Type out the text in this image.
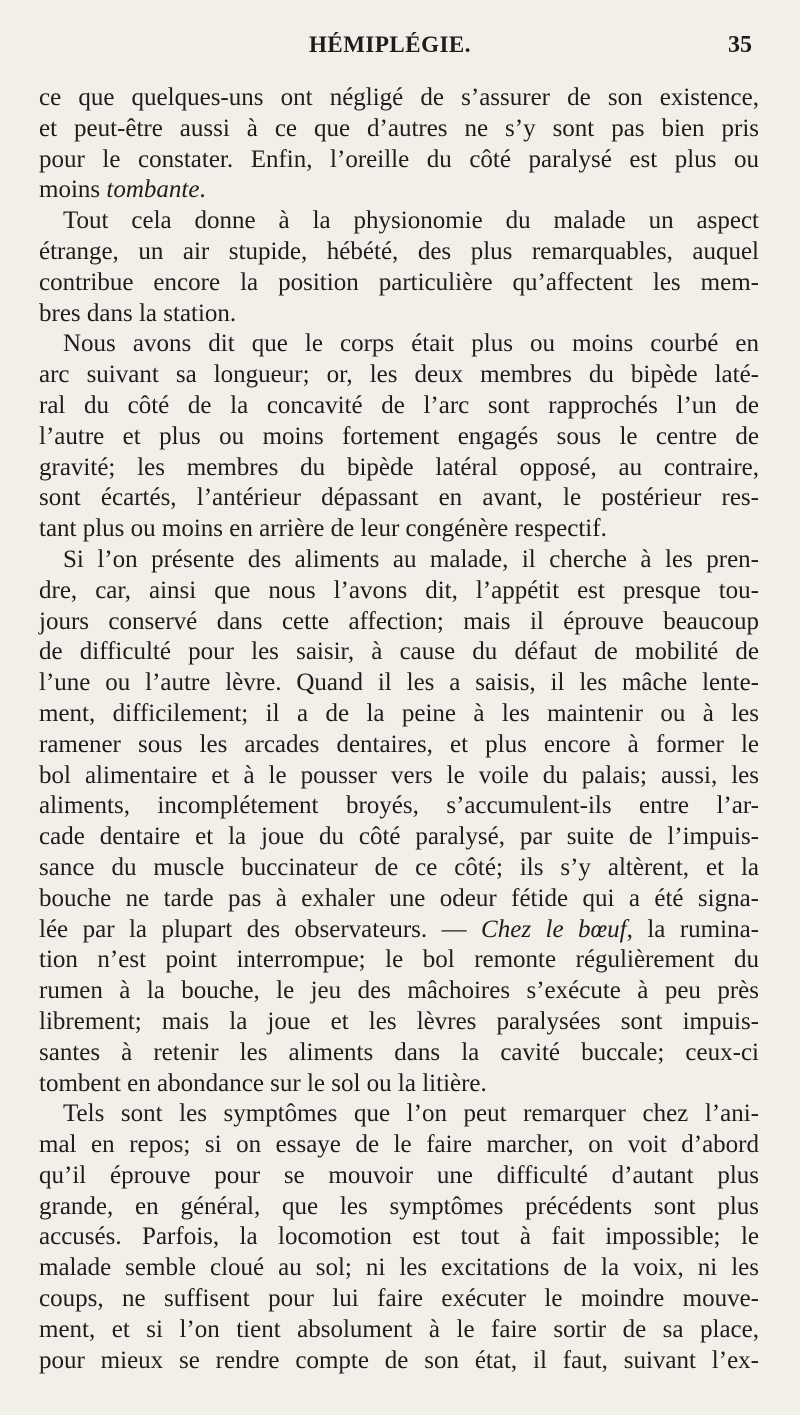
HÉMIPLÉGIE.	35
ce que quelques-uns ont négligé de s’assurer de son existence,
et peut-être aussi à ce que d’autres ne s’y sont pas bien pris
pour le constater. Enfin, l’oreille du côté paralysé est plus ou
moins tombante.
Tout cela donne à la physionomie du malade un aspect
étrange, un air stupide, hébété, des plus remarquables, auquel
contribue encore la position particulière qu’affectent les mem-
bres dans la station.
Nous avons dit que le corps était plus ou moins courbé en
arc suivant sa longueur; or, les deux membres du bipède laté-
ral du côté de la concavité de l’arc sont rapprochés l’un de
l’autre et plus ou moins fortement engagés sous le centre de
gravité; les membres du bipède latéral opposé, au contraire,
sont écartés, l’antérieur dépassant en avant, le postérieur res-
tant plus ou moins en arrière de leur congénère respectif.
Si l’on présente des aliments au malade, il cherche à les pren-
dre, car, ainsi que nous l’avons dit, l’appétit est presque tou-
jours conservé dans cette affection; mais il éprouve beaucoup
de difficulté pour les saisir, à cause du défaut de mobilité de
l’une ou l’autre lèvre. Quand il les a saisis, il les mâche lente-
ment, difficilement; il a de la peine à les maintenir ou à les
ramener sous les arcades dentaires, et plus encore à former le
bol alimentaire et à le pousser vers le voile du palais; aussi, les
aliments, incomplétement broyés, s’accumulent-ils entre l’ar-
cade dentaire et la joue du côté paralysé, par suite de l’impuis-
sance du muscle buccinateur de ce côté; ils s’y altèrent, et la
bouche ne tarde pas à exhaler une odeur fétide qui a été signa-
lée par la plupart des observateurs. — Chez le bœuf, la rumina-
tion n’est point interrompue; le bol remonte régulièrement du
rumen à la bouche, le jeu des mâchoires s’exécute à peu près
librement; mais la joue et les lèvres paralysées sont impuis-
santes à retenir les aliments dans la cavité buccale; ceux-ci
tombent en abondance sur le sol ou la litière.
Tels sont les symptômes que l’on peut remarquer chez l’ani-
mal en repos; si on essaye de le faire marcher, on voit d’abord
qu’il éprouve pour se mouvoir une difficulté d’autant plus
grande, en général, que les symptômes précédents sont plus
accusés. Parfois, la locomotion est tout à fait impossible; le
malade semble cloué au sol; ni les excitations de la voix, ni les
coups, ne suffisent pour lui faire exécuter le moindre mouve-
ment, et si l’on tient absolument à le faire sortir de sa place,
pour mieux se rendre compte de son état, il faut, suivant l’ex-
